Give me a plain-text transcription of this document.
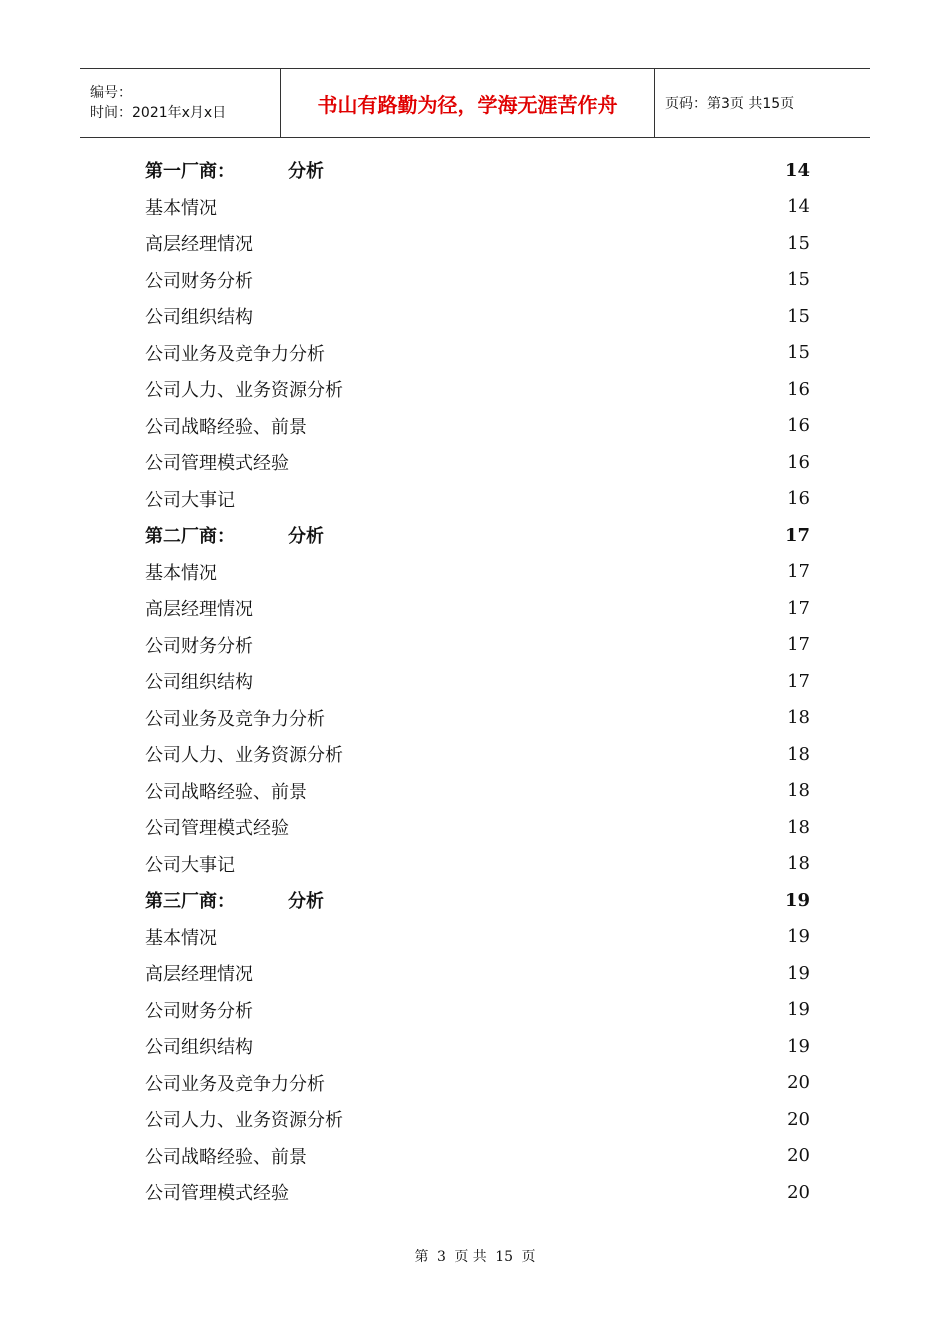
编号：
时间：2021年x月x日	书山有路勤为径，学海无涯苦作舟	页码：第3页 共15页
第一厂商：	分析	14
基本情况	14
高层经理情况	15
公司财务分析	15
公司组织结构	15
公司业务及竞争力分析	15
公司人力、业务资源分析	16
公司战略经验、前景	16
公司管理模式经验	16
公司大事记	16
第二厂商：	分析	17
基本情况	17
高层经理情况	17
公司财务分析	17
公司组织结构	17
公司业务及竞争力分析	18
公司人力、业务资源分析	18
公司战略经验、前景	18
公司管理模式经验	18
公司大事记	18
第三厂商：	分析	19
基本情况	19
高层经理情况	19
公司财务分析	19
公司组织结构	19
公司业务及竞争力分析	20
公司人力、业务资源分析	20
公司战略经验、前景	20
公司管理模式经验	20
第 3 页 共 15 页
